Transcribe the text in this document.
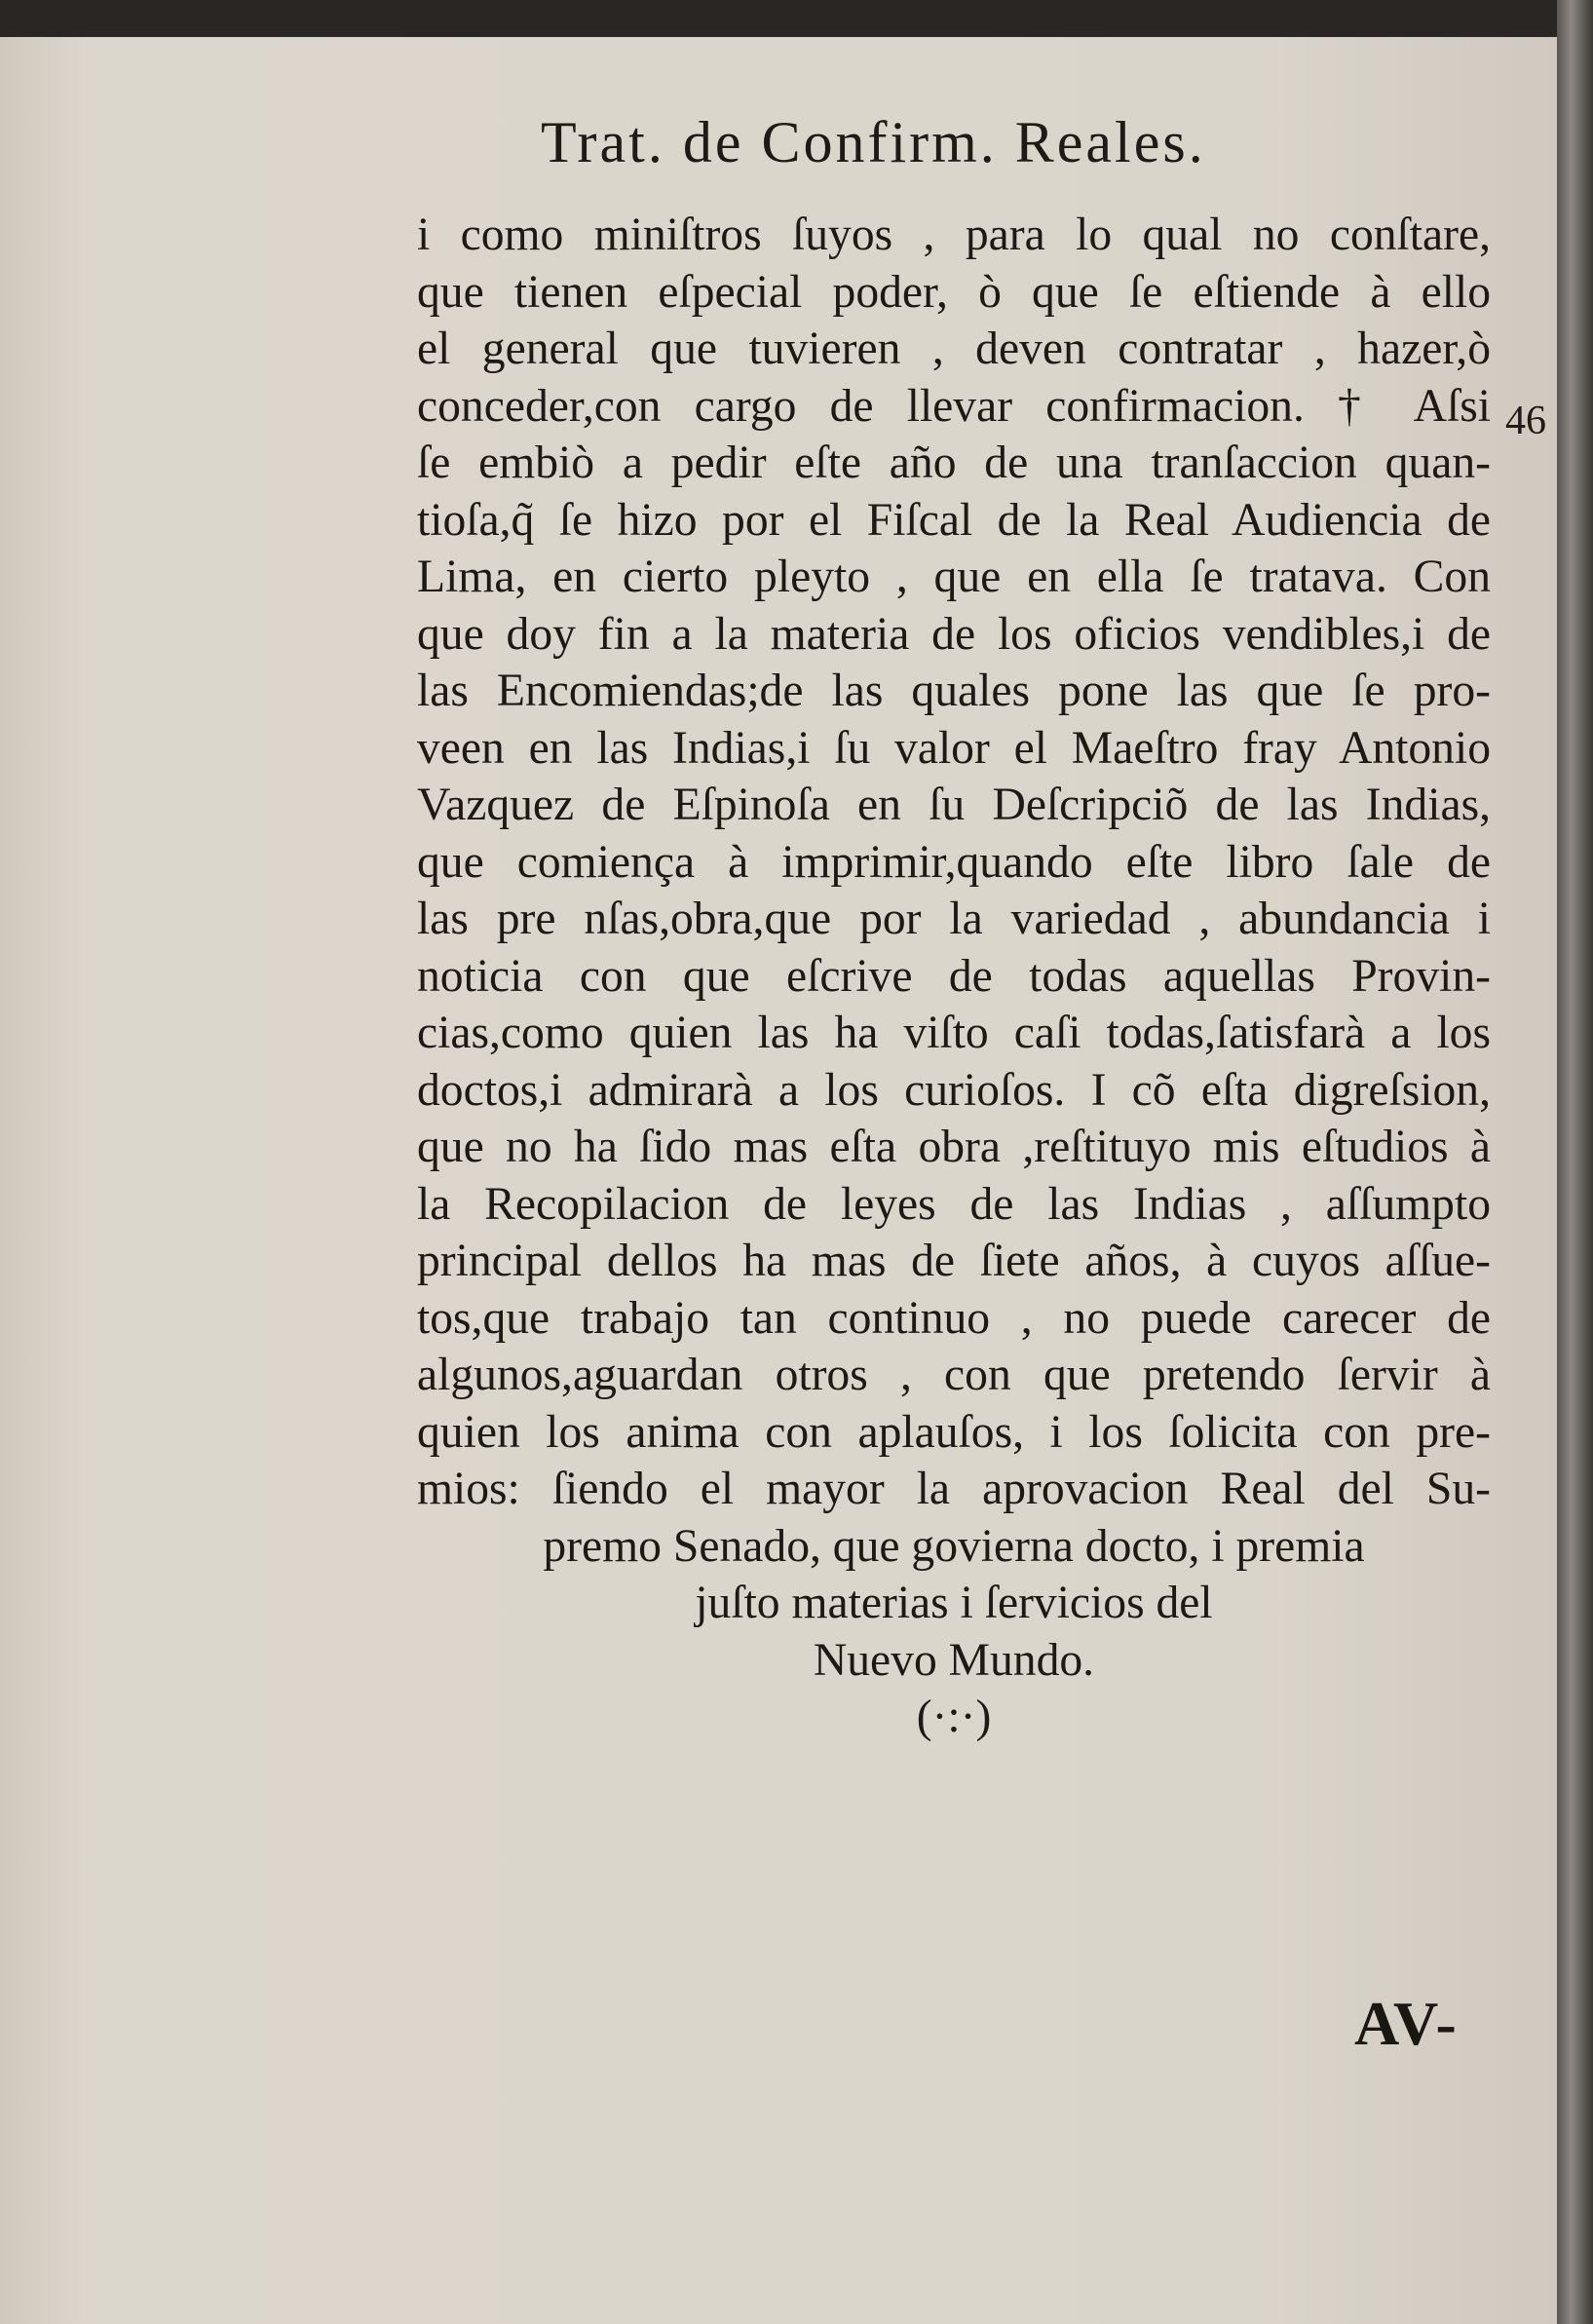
Trat. de Confirm. Reales.
46
i como miniſtros ſuyos , para lo qual no conſtare,
que tienen eſpecial poder, ò que ſe eſtiende à ello
el general que tuvieren , deven contratar , hazer,ò
conceder,con cargo de llevar confirmacion. † Aſsi
ſe embiò a pedir eſte año de una tranſaccion quan-
tioſa,q̃ ſe hizo por el Fiſcal de la Real Audiencia de
Lima, en cierto pleyto , que en ella ſe tratava. Con
que doy fin a la materia de los oficios vendibles,i de
las Encomiendas;de las quales pone las que ſe pro-
veen en las Indias,i ſu valor el Maeſtro fray Antonio
Vazquez de Eſpinoſa en ſu Deſcripciõ de las Indias,
que comiença à imprimir,quando eſte libro ſale de
las pre nſas,obra,que por la variedad , abundancia i
noticia con que eſcrive de todas aquellas Provin-
cias,como quien las ha viſto caſi todas,ſatisfarà a los
doctos,i admirarà a los curioſos. I cõ eſta digreſsion,
que no ha ſido mas eſta obra ,reſtituyo mis eſtudios à
la Recopilacion de leyes de las Indias , aſſumpto
principal dellos ha mas de ſiete años, à cuyos aſſue-
tos,que trabajo tan continuo , no puede carecer de
algunos,aguardan otros , con que pretendo ſervir à
quien los anima con aplauſos, i los ſolicita con pre-
mios: ſiendo el mayor la aprovacion Real del Su-
premo Senado, que govierna docto, i premia
juſto materias i ſervicios del
Nuevo Mundo.
(·:·)
AV-
